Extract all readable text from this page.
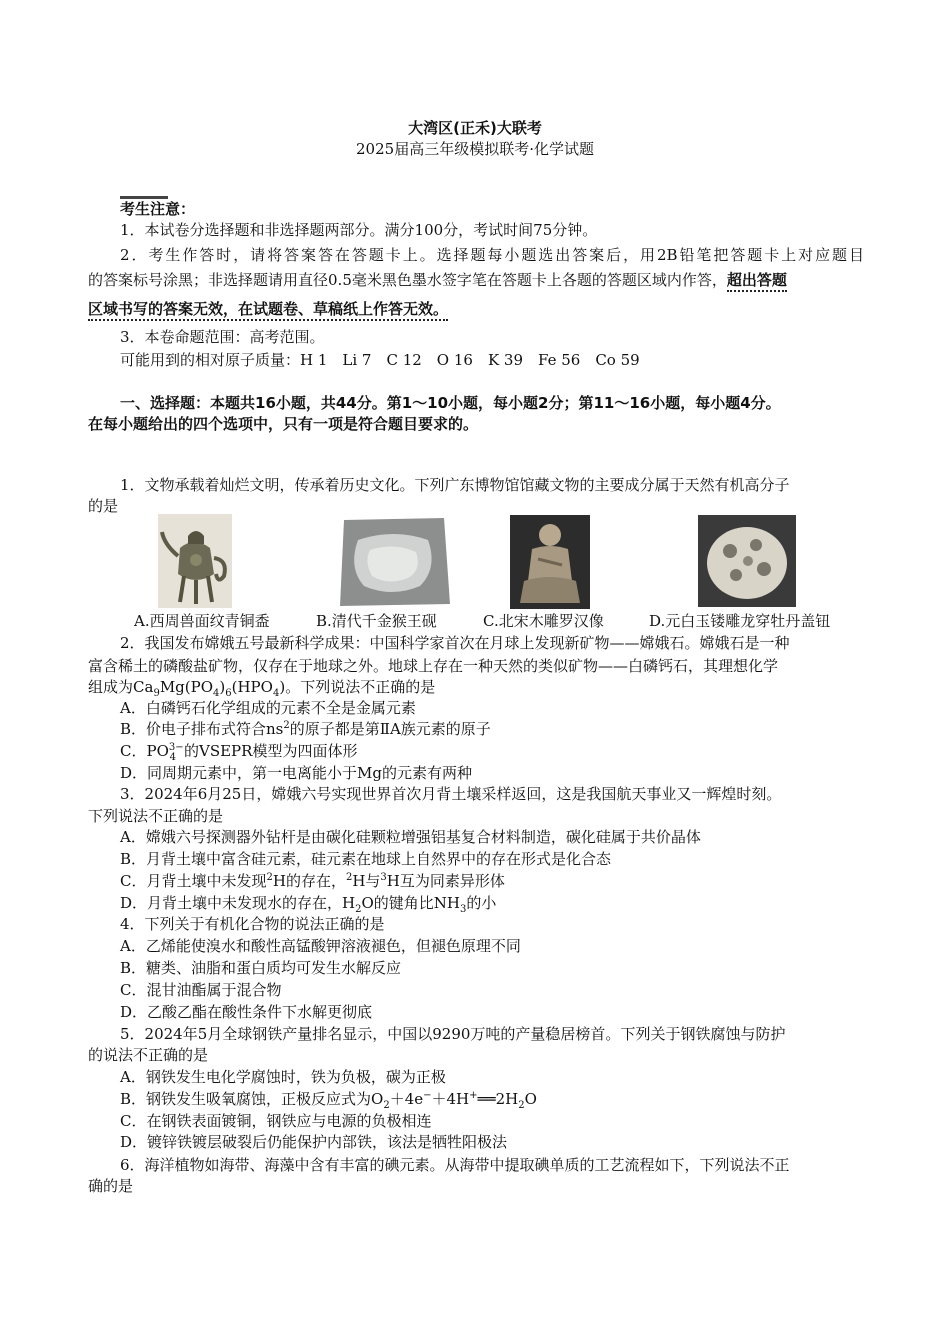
大湾区(正禾)大联考
2025届高三年级模拟联考·化学试题
考生注意：
1．本试卷分选择题和非选择题两部分。满分100分，考试时间75分钟。
2．考生作答时，请将答案答在答题卡上。选择题每小题选出答案后，用2B铅笔把答题卡上对应题目
的答案标号涂黑；非选择题请用直径0.5毫米黑色墨水签字笔在答题卡上各题的答题区域内作答，超出答题
区域书写的答案无效，在试题卷、草稿纸上作答无效。
3．本卷命题范围：高考范围。
可能用到的相对原子质量：H 1　Li 7　C 12　O 16　K 39　Fe 56　Co 59
一、选择题：本题共16小题，共44分。第1～10小题，每小题2分；第11～16小题，每小题4分。
在每小题给出的四个选项中，只有一项是符合题目要求的。
1．文物承载着灿烂文明，传承着历史文化。下列广东博物馆馆藏文物的主要成分属于天然有机高分子
的是
A.西周兽面纹青铜盉	B.清代千金猴王砚	C.北宋木雕罗汉像	D.元白玉镂雕龙穿牡丹盖钮
2．我国发布嫦娥五号最新科学成果：中国科学家首次在月球上发现新矿物——嫦娥石。嫦娥石是一种
富含稀土的磷酸盐矿物，仅存在于地球之外。地球上存在一种天然的类似矿物——白磷钙石，其理想化学
组成为$Ca_9Mg(PO_4)_6(HPO_4)$。下列说法不正确的是
A．白磷钙石化学组成的元素不全是金属元素
B．价电子排布式符合$ns^2$的原子都是第ⅡA族元素的原子
C．$PO^{3-}_4$ 的VSEPR模型为四面体形
D．同周期元素中，第一电离能小于Mg的元素有两种
3．2024年6月25日，嫦娥六号实现世界首次月背土壤采样返回，这是我国航天事业又一辉煌时刻。
下列说法不正确的是
A．嫦娥六号探测器外钻杆是由碳化硅颗粒增强铝基复合材料制造，碳化硅属于共价晶体
B．月背土壤中富含硅元素，硅元素在地球上自然界中的存在形式是化合态
C．月背土壤中未发现$^2$H的存在，$^2$H与$^3$H互为同素异形体
D．月背土壤中未发现水的存在，$H_2O$的键角比$NH_3$的小
4．下列关于有机化合物的说法正确的是
A．乙烯能使溴水和酸性高锰酸钾溶液褪色，但褪色原理不同
B．糖类、油脂和蛋白质均可发生水解反应
C．混甘油酯属于混合物
D．乙酸乙酯在酸性条件下水解更彻底
5．2024年5月全球钢铁产量排名显示，中国以9290万吨的产量稳居榜首。下列关于钢铁腐蚀与防护
的说法不正确的是
A．钢铁发生电化学腐蚀时，铁为负极，碳为正极
B．钢铁发生吸氧腐蚀，正极反应式为$O_2+4e^-+4H^+══2H_2O$
C．在钢铁表面镀铜，钢铁应与电源的负极相连
D．镀锌铁镀层破裂后仍能保护内部铁，该法是牺牲阳极法
6．海洋植物如海带、海藻中含有丰富的碘元素。从海带中提取碘单质的工艺流程如下，下列说法不正
确的是
